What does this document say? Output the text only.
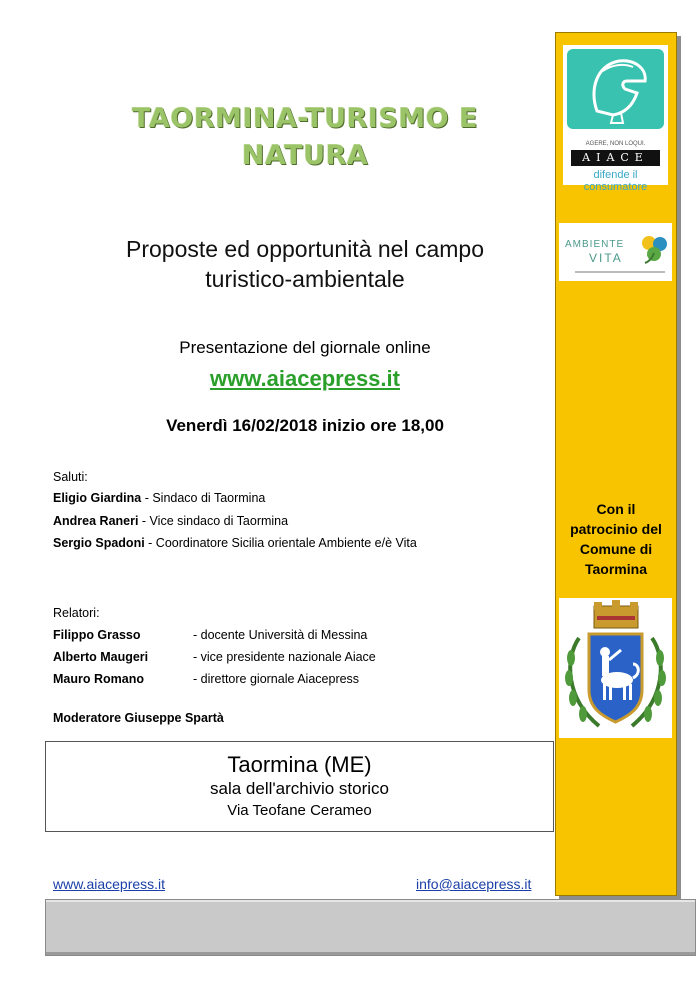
TAORMINA-TURISMO E
NATURA
Proposte ed opportunità nel campo
turistico-ambientale
Presentazione del giornale online
www.aiacepress.it
Venerdì 16/02/2018 inizio ore 18,00
Saluti:
Eligio Giardina - Sindaco di Taormina
Andrea Raneri - Vice sindaco di Taormina
Sergio Spadoni - Coordinatore Sicilia orientale Ambiente e/è Vita
Relatori:
Filippo Grasso	- docente Università di Messina
Alberto Maugeri	- vice presidente nazionale Aiace
Mauro Romano	- direttore giornale Aiacepress
Moderatore Giuseppe Spartà
Taormina (ME)
sala dell'archivio storico
Via Teofane Cerameo
www.aiacepress.it	info@aiacepress.it
AGERE, NON LOQUI.
AIACE
difende il consumatore
AMBIENTE
VITA
Con il
patrocinio del
Comune di
Taormina
